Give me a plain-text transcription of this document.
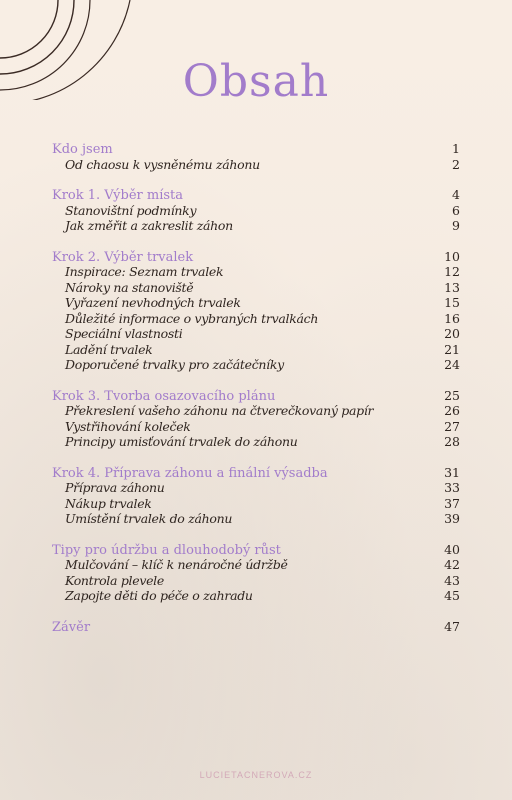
Obsah
Kdo jsem	1
Od chaosu k vysněnému záhonu	2
Krok 1. Výběr místa	4
Stanovištní podmínky	6
Jak změřit a zakreslit záhon	9
Krok 2. Výběr trvalek	10
Inspirace: Seznam trvalek	12
Nároky na stanoviště	13
Vyřazení nevhodných trvalek	15
Důležité informace o vybraných trvalkách	16
Speciální vlastnosti	20
Ladění trvalek	21
Doporučené trvalky pro začátečníky	24
Krok 3. Tvorba osazovacího plánu	25
Překreslení vašeho záhonu na čtverečkovaný papír	26
Vystřihování koleček	27
Principy umisťování trvalek do záhonu	28
Krok 4. Příprava záhonu a finální výsadba	31
Příprava záhonu	33
Nákup trvalek	37
Umístění trvalek do záhonu	39
Tipy pro údržbu a dlouhodobý růst	40
Mulčování – klíč k nenáročné údržbě	42
Kontrola plevele	43
Zapojte děti do péče o zahradu	45
Závěr	47
LUCIETACNEROVA.CZ
